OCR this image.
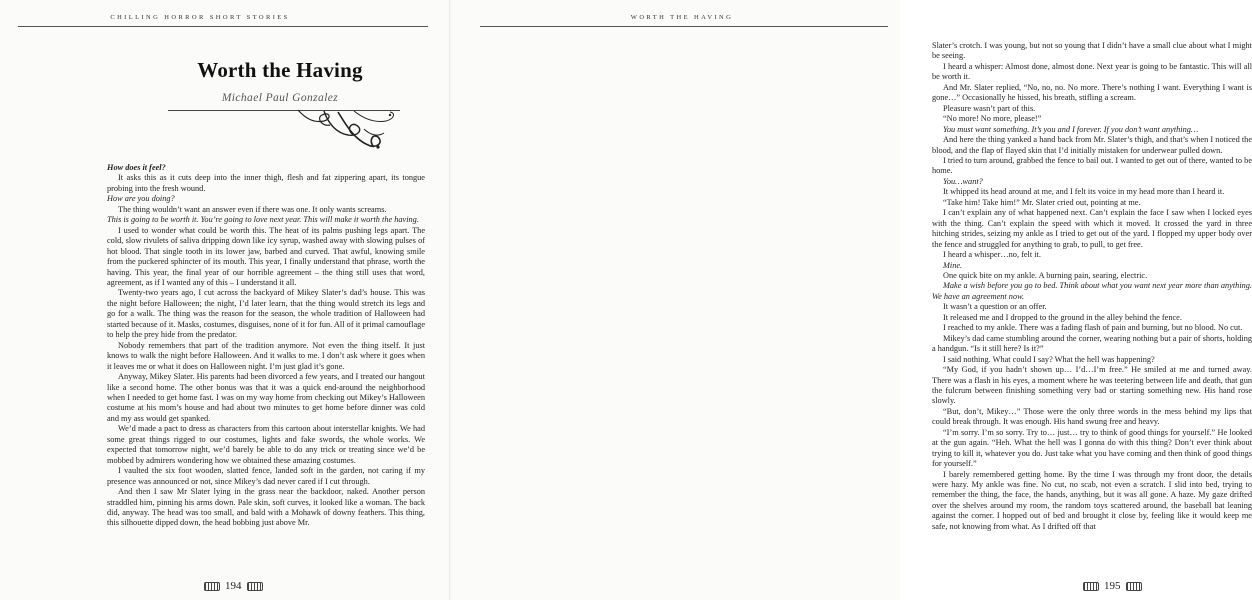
CHILLING HORROR SHORT STORIES
Worth the Having
Michael Paul Gonzalez
How does it feel?
It asks this as it cuts deep into the inner thigh, flesh and fat zippering apart, its tongue probing into the fresh wound.
How are you doing?
The thing wouldn’t want an answer even if there was one. It only wants screams.
This is going to be worth it. You’re going to love next year. This will make it worth the having.
I used to wonder what could be worth this. The heat of its palms pushing legs apart. The cold, slow rivulets of saliva dripping down like icy syrup, washed away with slowing pulses of hot blood. That single tooth in its lower jaw, barbed and curved. That awful, knowing smile from the puckered sphincter of its mouth. This year, I finally understand that phrase, worth the having. This year, the final year of our horrible agreement – the thing still uses that word, agreement, as if I wanted any of this – I understand it all.
Twenty-two years ago, I cut across the backyard of Mikey Slater’s dad’s house. This was the night before Halloween; the night, I’d later learn, that the thing would stretch its legs and go for a walk. The thing was the reason for the season, the whole tradition of Halloween had started because of it. Masks, costumes, disguises, none of it for fun. All of it primal camouflage to help the prey hide from the predator.
Nobody remembers that part of the tradition anymore. Not even the thing itself. It just knows to walk the night before Halloween. And it walks to me. I don’t ask where it goes when it leaves me or what it does on Halloween night. I’m just glad it’s gone.
Anyway, Mikey Slater. His parents had been divorced a few years, and I treated our hangout like a second home. The other bonus was that it was a quick end-around the neighborhood when I needed to get home fast. I was on my way home from checking out Mikey’s Halloween costume at his mom’s house and had about two minutes to get home before dinner was cold and my ass would get spanked.
We’d made a pact to dress as characters from this cartoon about interstellar knights. We had some great things rigged to our costumes, lights and fake swords, the whole works. We expected that tomorrow night, we’d barely be able to do any trick or treating since we’d be mobbed by admirers wondering how we obtained these amazing costumes.
I vaulted the six foot wooden, slatted fence, landed soft in the garden, not caring if my presence was announced or not, since Mikey’s dad never cared if I cut through.
And then I saw Mr Slater lying in the grass near the backdoor, naked. Another person straddled him, pinning his arms down. Pale skin, soft curves, it looked like a woman. The back did, anyway. The head was too small, and bald with a Mohawk of downy feathers. This thing, this silhouette dipped down, the head bobbing just above Mr.
194
WORTH THE HAVING
Slater’s crotch. I was young, but not so young that I didn’t have a small clue about what I might be seeing.
I heard a whisper: Almost done, almost done. Next year is going to be fantastic. This will all be worth it.
And Mr. Slater replied, “No, no, no. No more. There’s nothing I want. Everything I want is gone…” Occasionally he hissed, his breath, stifling a scream.
Pleasure wasn’t part of this.
“No more! No more, please!”
You must want something. It’s you and I forever. If you don’t want anything…
And here the thing yanked a hand back from Mr. Slater’s thigh, and that’s when I noticed the blood, and the flap of flayed skin that I’d initially mistaken for underwear pulled down.
I tried to turn around, grabbed the fence to bail out. I wanted to get out of there, wanted to be home.
You…want?
It whipped its head around at me, and I felt its voice in my head more than I heard it.
“Take him! Take him!” Mr. Slater cried out, pointing at me.
I can’t explain any of what happened next. Can’t explain the face I saw when I locked eyes with the thing. Can’t explain the speed with which it moved. It crossed the yard in three hitching strides, seizing my ankle as I tried to get out of the yard. I flopped my upper body over the fence and struggled for anything to grab, to pull, to get free.
I heard a whisper…no, felt it.
Mine.
One quick bite on my ankle. A burning pain, searing, electric.
Make a wish before you go to bed. Think about what you want next year more than anything. We have an agreement now.
It wasn’t a question or an offer.
It released me and I dropped to the ground in the alley behind the fence.
I reached to my ankle. There was a fading flash of pain and burning, but no blood. No cut.
Mikey’s dad came stumbling around the corner, wearing nothing but a pair of shorts, holding a handgun. “Is it still here? Is it?”
I said nothing. What could I say? What the hell was happening?
“My God, if you hadn’t shown up… I’d…I’m free.” He smiled at me and turned away. There was a flash in his eyes, a moment where he was teetering between life and death, that gun the fulcrum between finishing something very bad or starting something new. His hand rose slowly.
“But, don’t, Mikey…” Those were the only three words in the mess behind my lips that could break through. It was enough. His hand swung free and heavy.
“I’m sorry. I’m so sorry. Try to… just… try to think of good things for yourself.” He looked at the gun again. “Heh. What the hell was I gonna do with this thing? Don’t ever think about trying to kill it, whatever you do. Just take what you have coming and then think of good things for yourself.”
I barely remembered getting home. By the time I was through my front door, the details were hazy. My ankle was fine. No cut, no scab, not even a scratch. I slid into bed, trying to remember the thing, the face, the hands, anything, but it was all gone. A haze. My gaze drifted over the shelves around my room, the random toys scattered around, the baseball bat leaning against the corner. I hopped out of bed and brought it close by, feeling like it would keep me safe, not knowing from what. As I drifted off that
195
